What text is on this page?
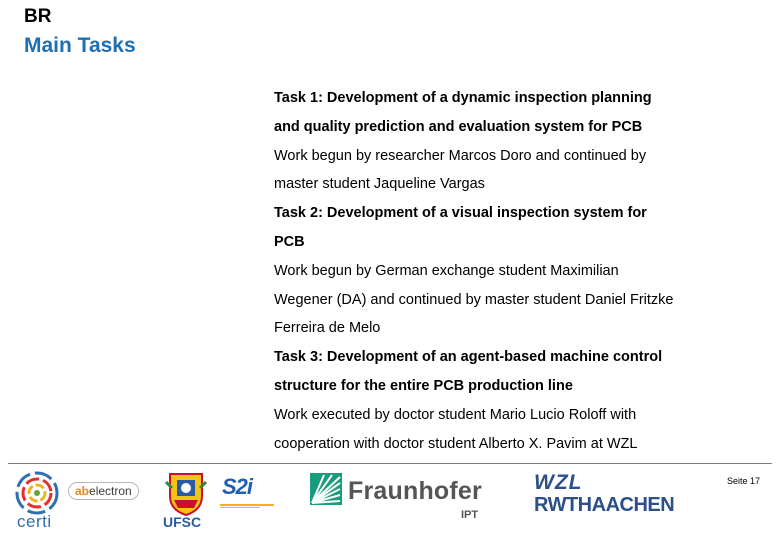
BR
Main Tasks

Task 1: Development of a dynamic inspection planning

and quality prediction and evaluation system for PCB

Work begun by researcher Marcos Doro and continued by

master student Jaqueline Vargas

Task 2: Development of a visual inspection system for

PCB

Work begun by German exchange student Maximilian

Wegener (DA) and continued by master student Daniel Fritzke

Ferreira de Melo

Task 3: Development of an agent-based machine control

structure for the entire PCB production line

Work executed by doctor student Mario Lucio Roloff with

cooperation with doctor student Alberto X. Pavim at WZL

Seite 17
certi
abelectron
UFSC
S2i	Fraunhofer
IPT
WZL
RWTHAACHEN
